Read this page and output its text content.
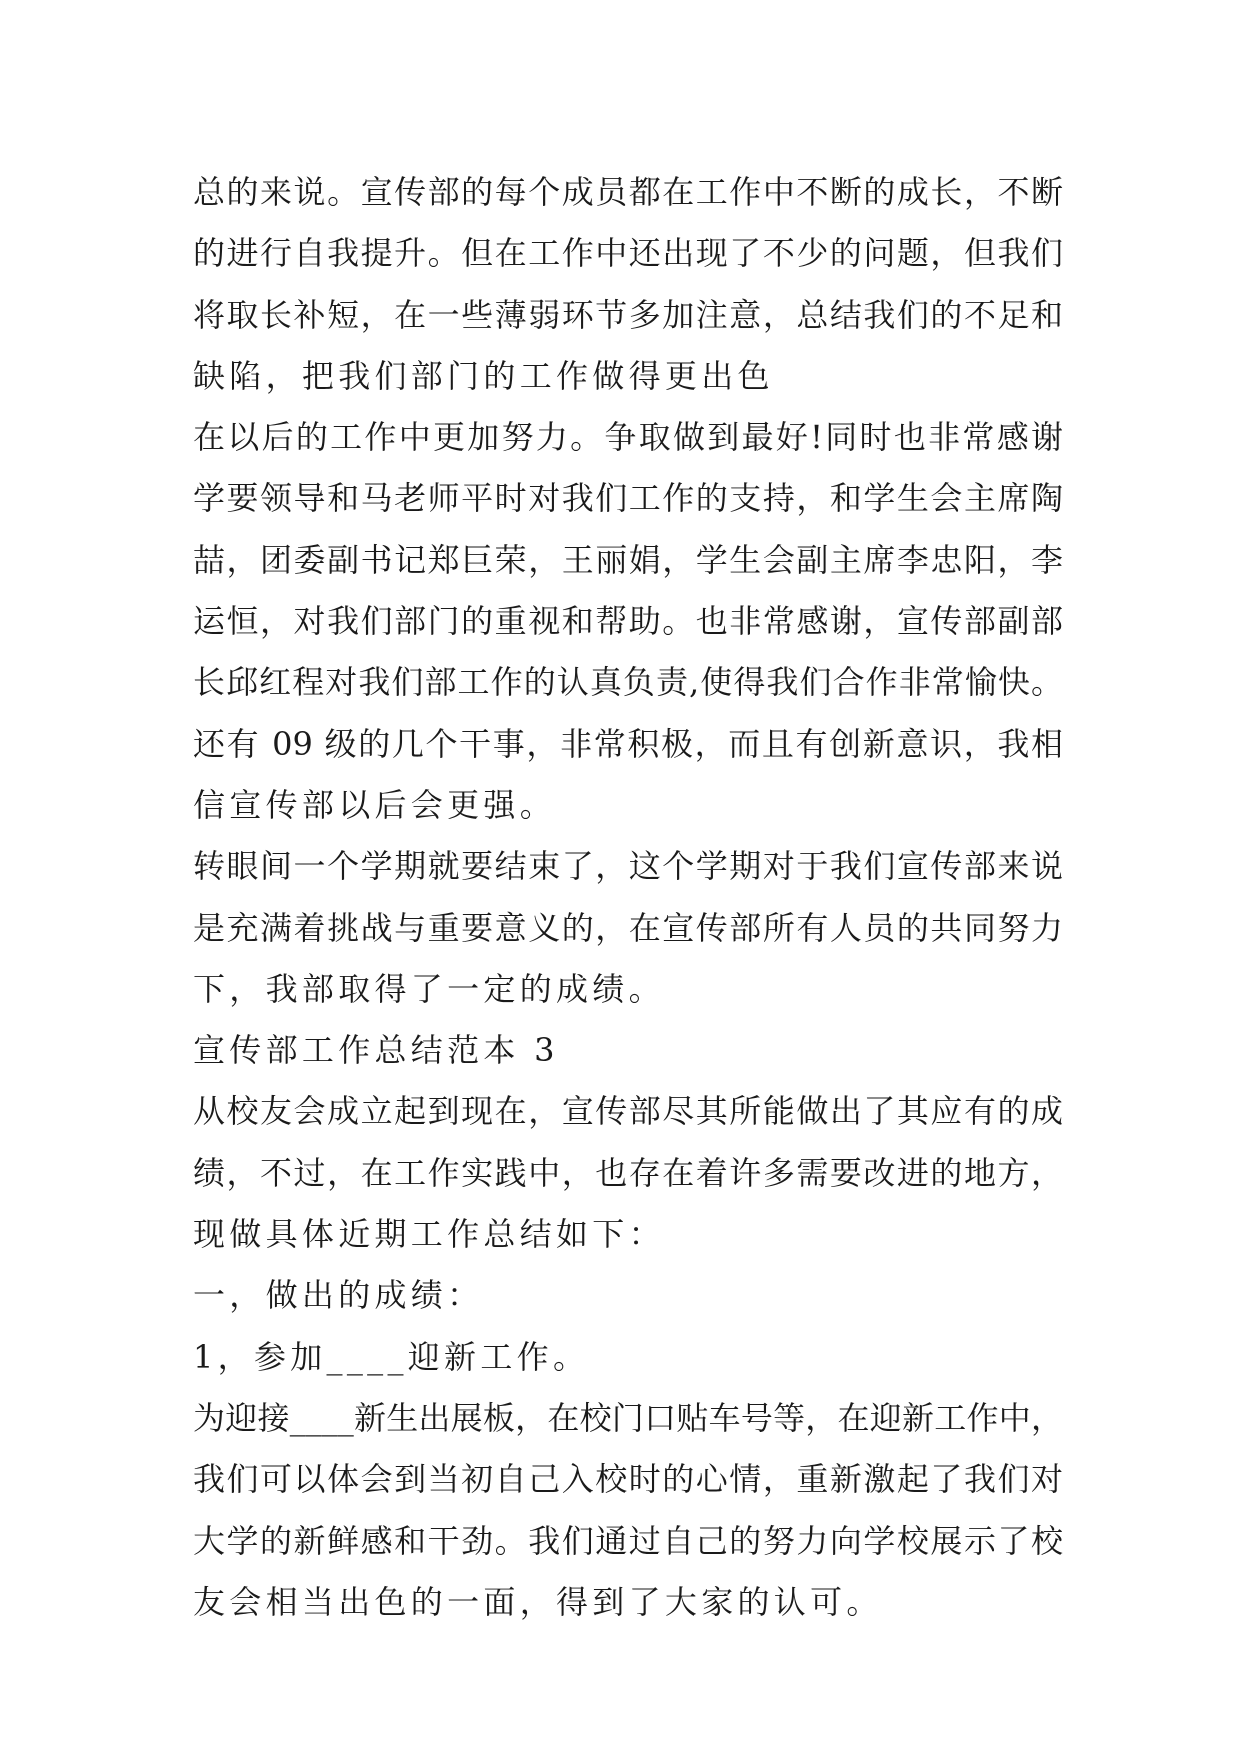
总的来说。宣传部的每个成员都在工作中不断的成长，不断
的进行自我提升。但在工作中还出现了不少的问题，但我们
将取长补短，在一些薄弱环节多加注意，总结我们的不足和
缺陷，把我们部门的工作做得更出色
在以后的工作中更加努力。争取做到最好!同时也非常感谢
学要领导和马老师平时对我们工作的支持，和学生会主席陶
喆，团委副书记郑巨荣，王丽娟，学生会副主席李忠阳，李
运恒，对我们部门的重视和帮助。也非常感谢，宣传部副部
长邱红程对我们部工作的认真负责,使得我们合作非常愉快。
还有 09 级的几个干事，非常积极，而且有创新意识，我相
信宣传部以后会更强。
转眼间一个学期就要结束了，这个学期对于我们宣传部来说
是充满着挑战与重要意义的，在宣传部所有人员的共同努力
下，我部取得了一定的成绩。
宣传部工作总结范本 3
从校友会成立起到现在，宣传部尽其所能做出了其应有的成
绩，不过，在工作实践中，也存在着许多需要改进的地方，
现做具体近期工作总结如下：
一，做出的成绩：
1，参加____迎新工作。
为迎接____新生出展板，在校门口贴车号等，在迎新工作中，
我们可以体会到当初自己入校时的心情，重新激起了我们对
大学的新鲜感和干劲。我们通过自己的努力向学校展示了校
友会相当出色的一面，得到了大家的认可。
